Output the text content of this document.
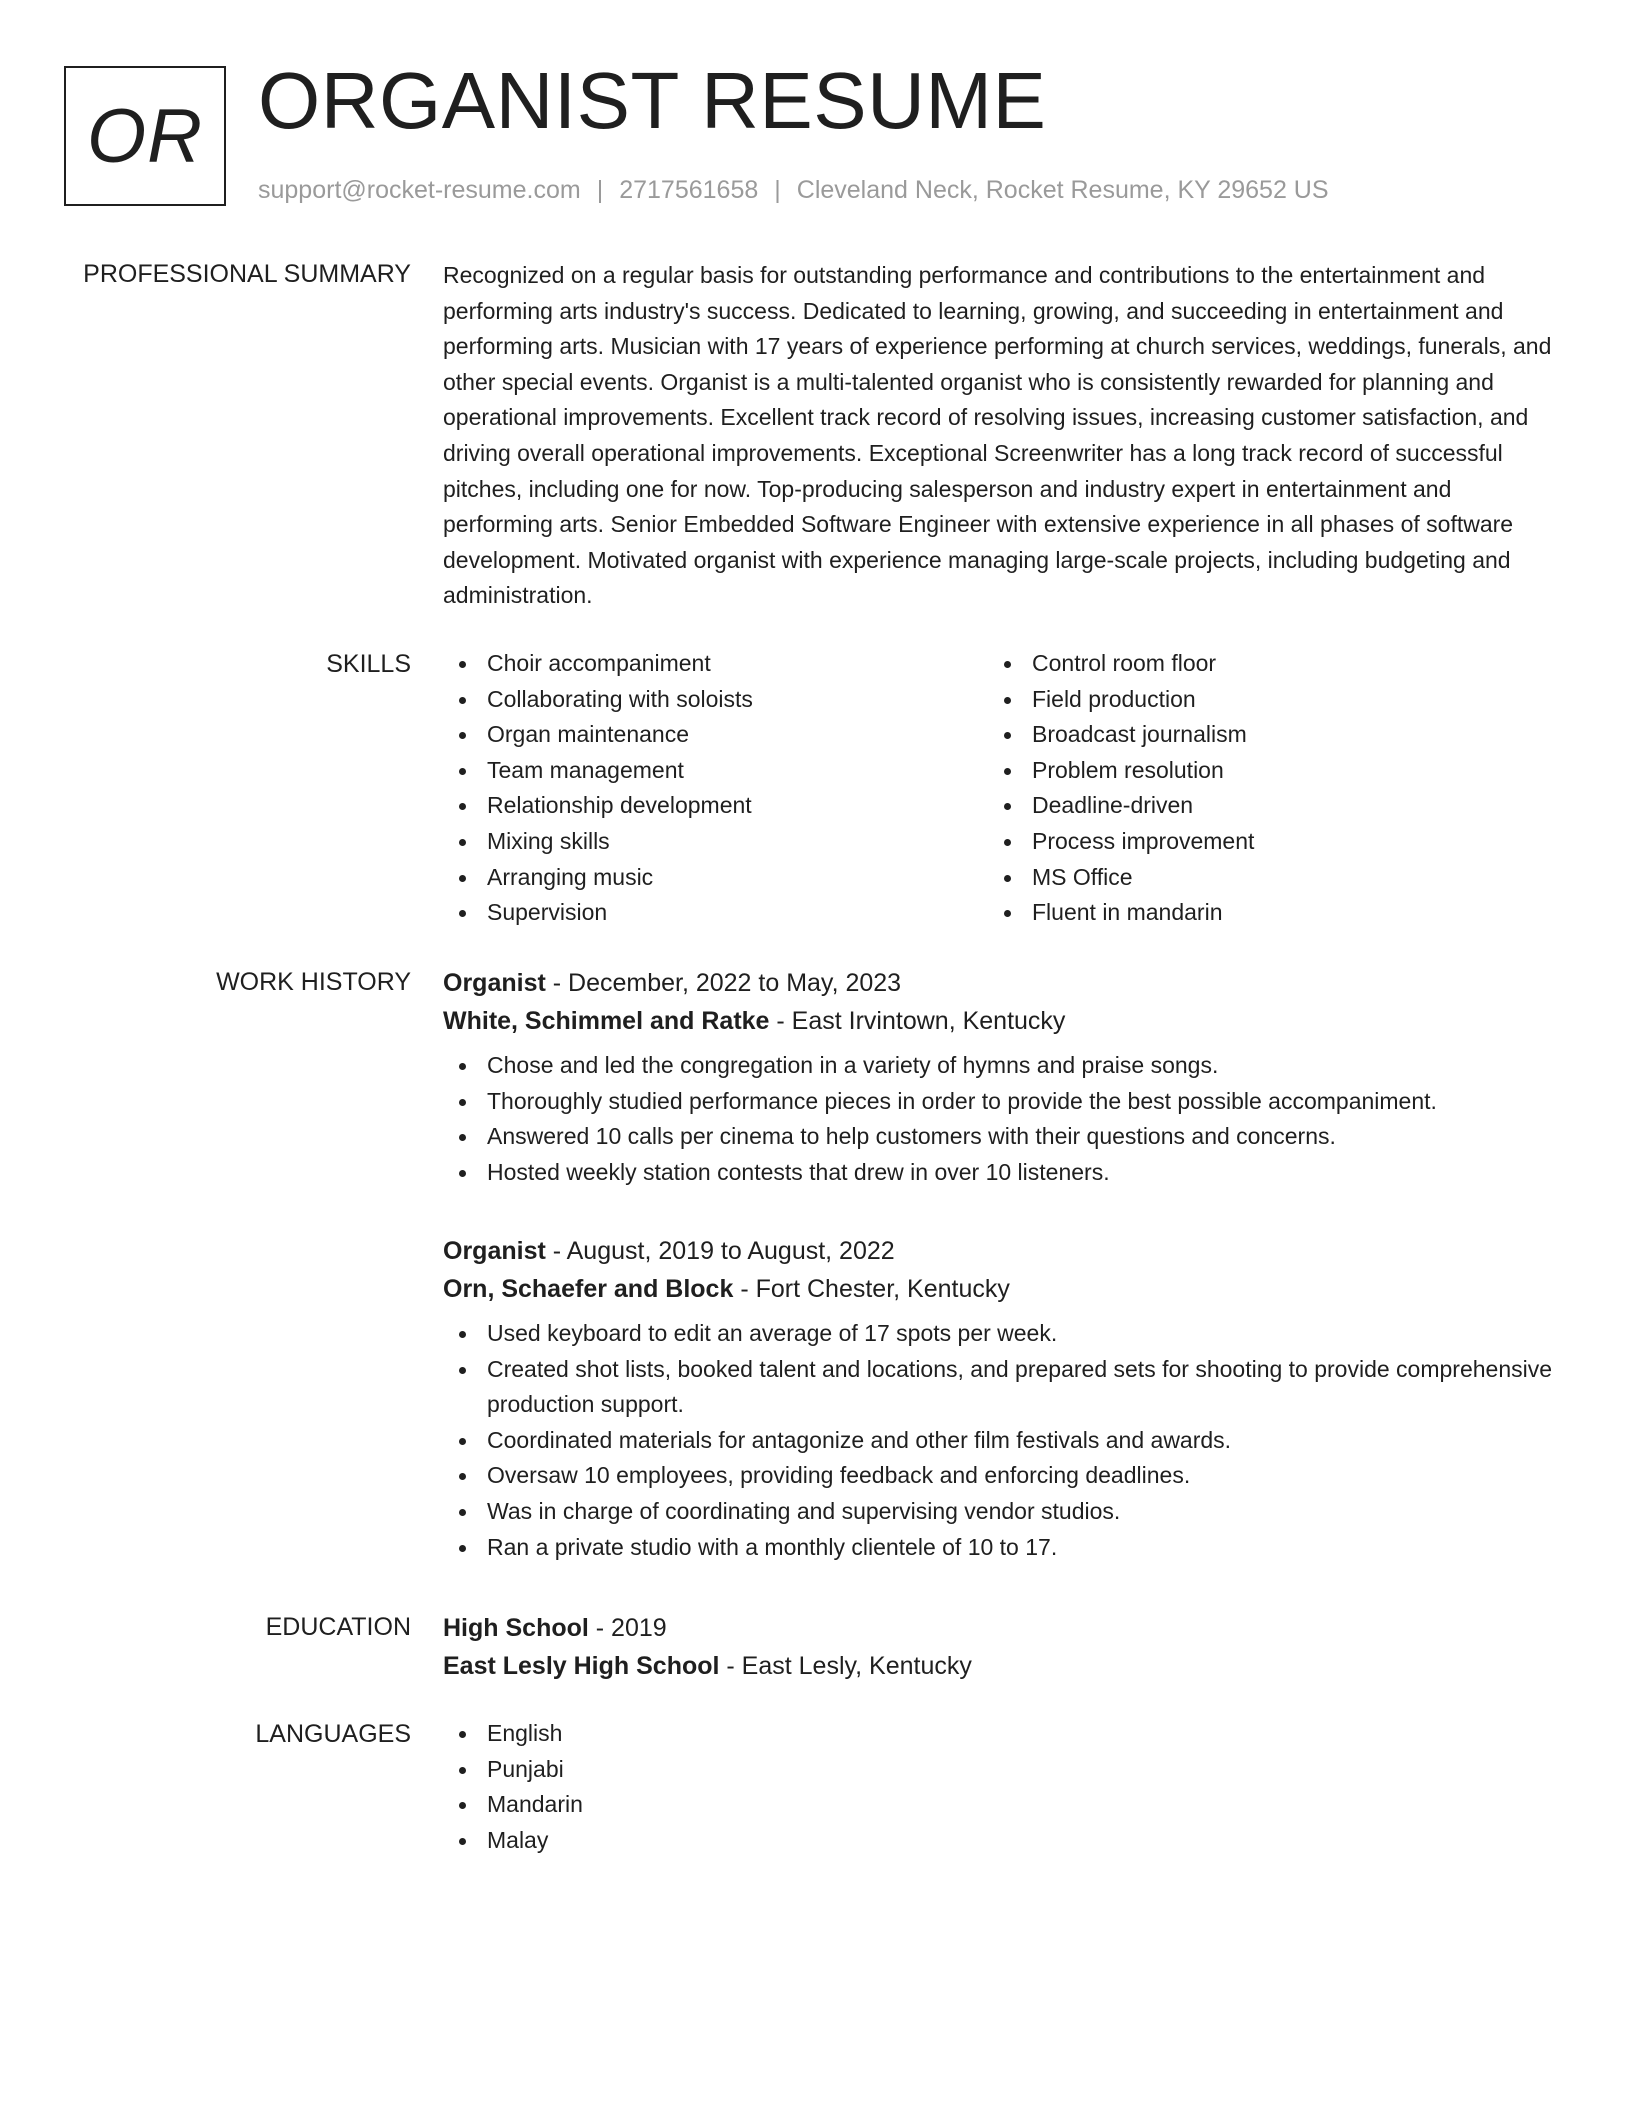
OR ORGANIST RESUME
support@rocket-resume.com | 2717561658 | Cleveland Neck, Rocket Resume, KY 29652 US
PROFESSIONAL SUMMARY Recognized on a regular basis for outstanding performance and contributions to the entertainment and performing arts industry's success. Dedicated to learning, growing, and succeeding in entertainment and performing arts. Musician with 17 years of experience performing at church services, weddings, funerals, and other special events. Organist is a multi-talented organist who is consistently rewarded for planning and operational improvements. Excellent track record of resolving issues, increasing customer satisfaction, and driving overall operational improvements. Exceptional Screenwriter has a long track record of successful pitches, including one for now. Top-producing salesperson and industry expert in entertainment and performing arts. Senior Embedded Software Engineer with extensive experience in all phases of software development. Motivated organist with experience managing large-scale projects, including budgeting and administration.

SKILLS	Choir accompaniment
Collaborating with soloists
Organ maintenance
Team management
Relationship development
Mixing skills
Arranging music
Supervision
Control room floor
Field production
Broadcast journalism
Problem resolution
Deadline-driven
Process improvement
MS Office
Fluent in mandarin
WORK HISTORY Organist - December, 2022 to May, 2023

White, Schimmel and Ratke - East Irvintown, Kentucky

Chose and led the congregation in a variety of hymns and praise songs.
Thoroughly studied performance pieces in order to provide the best possible accompaniment.
Answered 10 calls per cinema to help customers with their questions and concerns.
Hosted weekly station contests that drew in over 10 listeners.

Organist - August, 2019 to August, 2022

Orn, Schaefer and Block - Fort Chester, Kentucky

Used keyboard to edit an average of 17 spots per week.
Created shot lists, booked talent and locations, and prepared sets for shooting to provide comprehensive production support.
Coordinated materials for antagonize and other film festivals and awards.
Oversaw 10 employees, providing feedback and enforcing deadlines.
Was in charge of coordinating and supervising vendor studios.
Ran a private studio with a monthly clientele of 10 to 17.
EDUCATION High School - 2019

East Lesly High School - East Lesly, Kentucky

LANGUAGES	English
Punjabi
Mandarin
Malay
